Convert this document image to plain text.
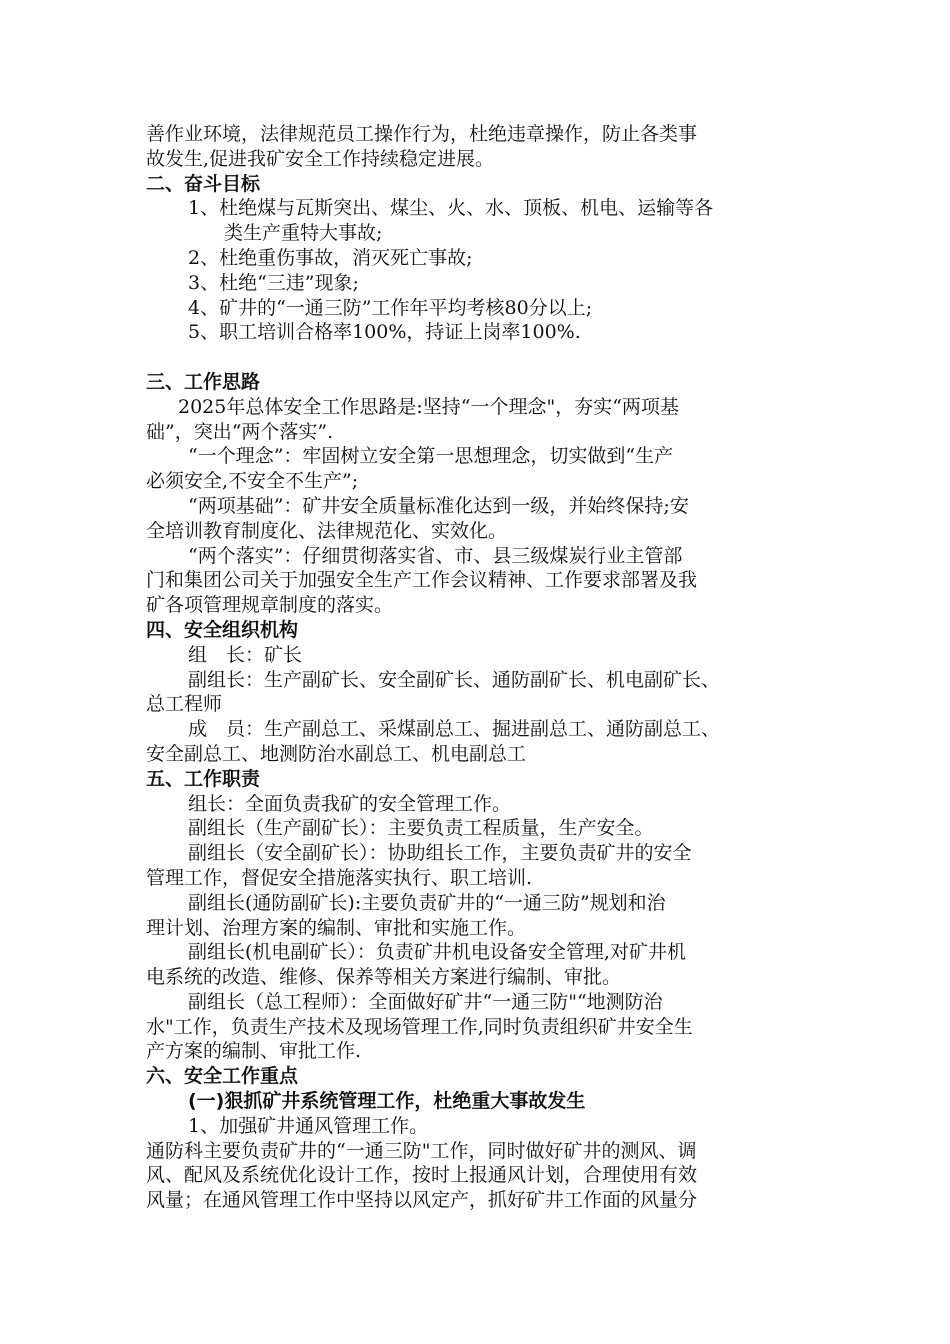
善作业环境，法律规范员工操作行为，杜绝违章操作，防止各类事
故发生,促进我矿安全工作持续稳定进展。
二、奋斗目标
1、杜绝煤与瓦斯突出、煤尘、火、水、顶板、机电、运输等各
类生产重特大事故;
2、杜绝重伤事故，消灭死亡事故;
3、杜绝“三违”现象;
4、矿井的“一通三防”工作年平均考核80分以上;
5、职工培训合格率100%，持证上岗率100%.
三、工作思路
2025年总体安全工作思路是:坚持“一个理念"，夯实“两项基
础”，突出“两个落实”.
“一个理念”：牢固树立安全第一思想理念，切实做到“生产
必须安全,不安全不生产”;
“两项基础”：矿井安全质量标准化达到一级，并始终保持;安
全培训教育制度化、法律规范化、实效化。
“两个落实”：仔细贯彻落实省、市、县三级煤炭行业主管部
门和集团公司关于加强安全生产工作会议精神、工作要求部署及我
矿各项管理规章制度的落实。
四、安全组织机构
组　长：矿长
副组长：生产副矿长、安全副矿长、通防副矿长、机电副矿长、
总工程师
成　员：生产副总工、采煤副总工、掘进副总工、通防副总工、
安全副总工、地测防治水副总工、机电副总工
五、工作职责
组长：全面负责我矿的安全管理工作。
副组长（生产副矿长）：主要负责工程质量，生产安全。
副组长（安全副矿长）：协助组长工作，主要负责矿井的安全
管理工作，督促安全措施落实执行、职工培训.
副组长(通防副矿长):主要负责矿井的“一通三防”规划和治
理计划、治理方案的编制、审批和实施工作。
副组长(机电副矿长）：负责矿井机电设备安全管理,对矿井机
电系统的改造、维修、保养等相关方案进行编制、审批。
副组长（总工程师）：全面做好矿井“一通三防"“地测防治
水"工作，负责生产技术及现场管理工作,同时负责组织矿井安全生
产方案的编制、审批工作.
六、安全工作重点
(一)狠抓矿井系统管理工作，杜绝重大事故发生
1、加强矿井通风管理工作。
通防科主要负责矿井的“一通三防"工作，同时做好矿井的测风、调
风、配风及系统优化设计工作，按时上报通风计划，合理使用有效
风量；在通风管理工作中坚持以风定产，抓好矿井工作面的风量分
